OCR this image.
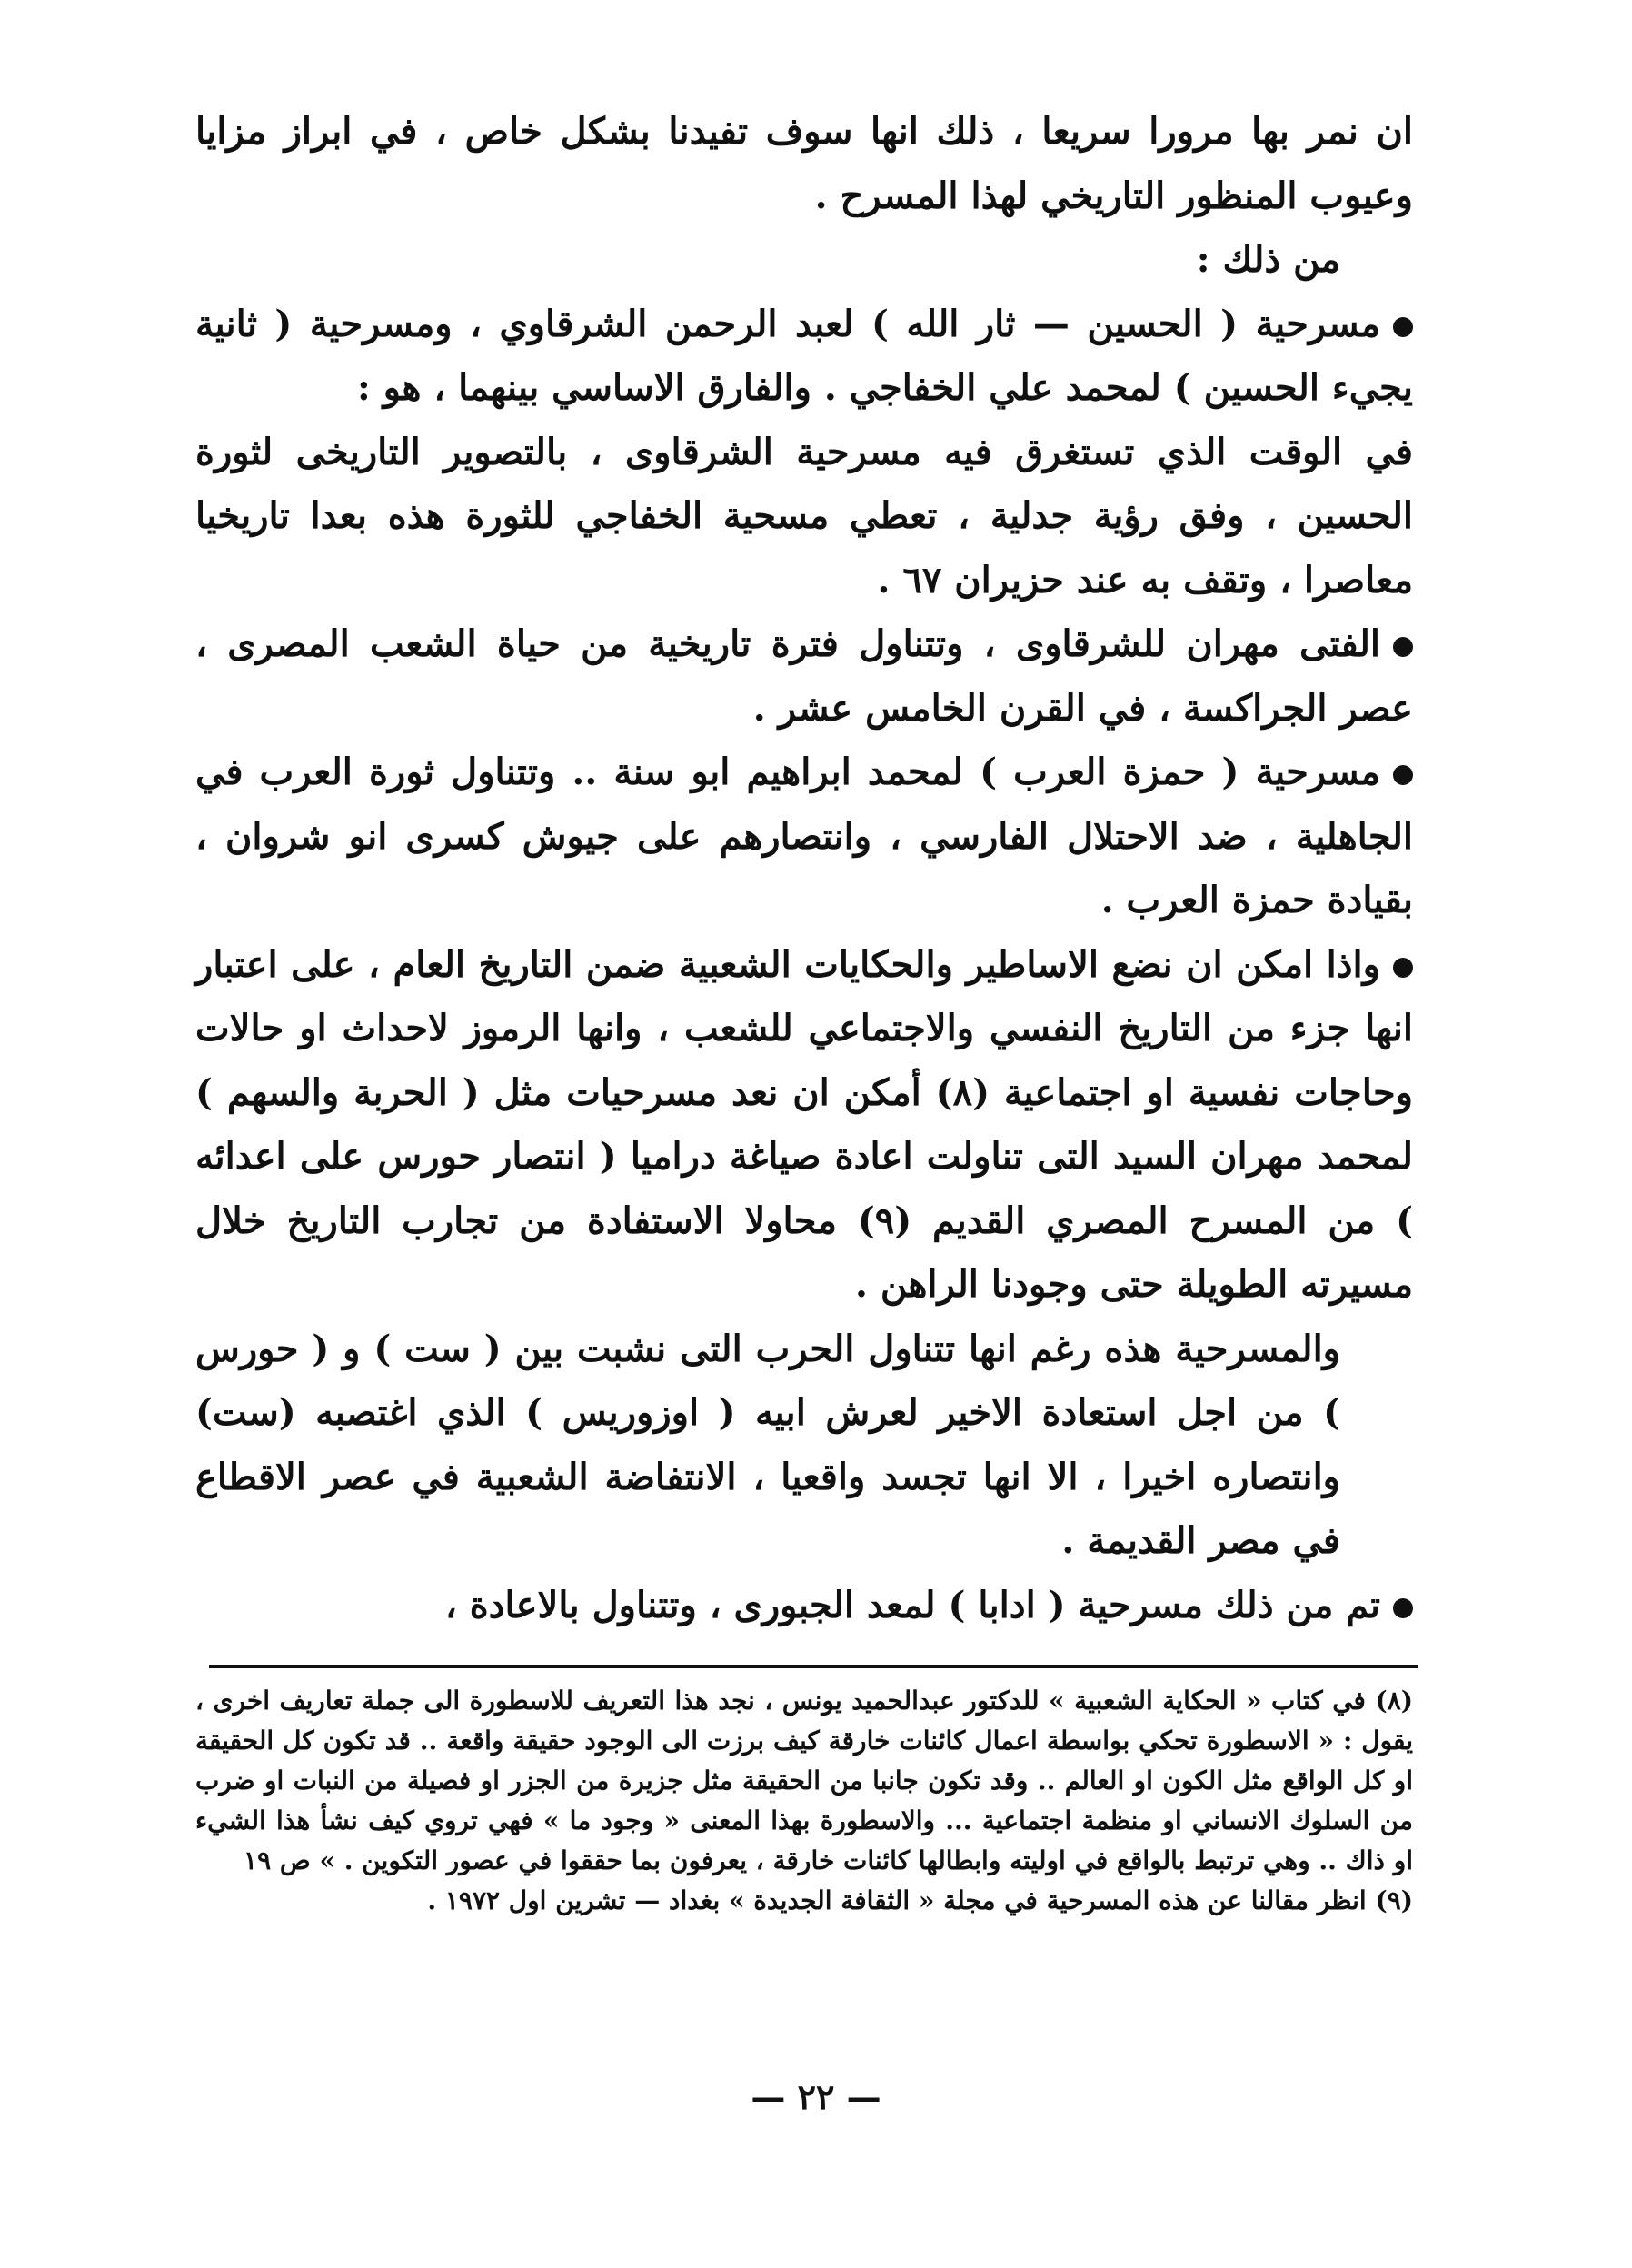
ان نمر بها مرورا سريعا ، ذلك انها سوف تفيدنا بشكل خاص ، في ابراز مزايا وعيوب المنظور التاريخي لهذا المسرح .

من ذلك :

مسرحية ( الحسين — ثار الله ) لعبد الرحمن الشرقاوي ، ومسرحية ( ثانية يجيء الحسين ) لمحمد علي الخفاجي . والفارق الاساسي بينهما ، هو :

في الوقت الذي تستغرق فيه مسرحية الشرقاوى ، بالتصوير التاريخى لثورة الحسين ، وفق رؤية جدلية ، تعطي مسحية الخفاجي للثورة هذه بعدا تاريخيا معاصرا ، وتقف به عند حزيران ٦٧ .

الفتى مهران للشرقاوى ، وتتناول فترة تاريخية من حياة الشعب المصرى ، عصر الجراكسة ، في القرن الخامس عشر .

مسرحية ( حمزة العرب ) لمحمد ابراهيم ابو سنة .. وتتناول ثورة العرب في الجاهلية ، ضد الاحتلال الفارسي ، وانتصارهم على جيوش كسرى انو شروان ، بقيادة حمزة العرب .

واذا امكن ان نضع الاساطير والحكايات الشعبية ضمن التاريخ العام ، على اعتبار انها جزء من التاريخ النفسي والاجتماعي للشعب ، وانها الرموز لاحداث او حالات وحاجات نفسية او اجتماعية (٨) أمكن ان نعد مسرحيات مثل ( الحربة والسهم ) لمحمد مهران السيد التى تناولت اعادة صياغة دراميا ( انتصار حورس على اعدائه ) من المسرح المصري القديم (٩) محاولا الاستفادة من تجارب التاريخ خلال مسيرته الطويلة حتى وجودنا الراهن .

والمسرحية هذه رغم انها تتناول الحرب التى نشبت بين ( ست ) و ( حورس ) من اجل استعادة الاخير لعرش ابيه ( اوزوريس ) الذي اغتصبه (ست) وانتصاره اخيرا ، الا انها تجسد واقعيا ، الانتفاضة الشعبية في عصر الاقطاع في مصر القديمة .

تم من ذلك مسرحية ( ادابا ) لمعد الجبورى ، وتتناول بالاعادة ،

(٨) في كتاب « الحكاية الشعبية » للدكتور عبدالحميد يونس ، نجد هذا التعريف للاسطورة الى جملة تعاريف اخرى ، يقول : « الاسطورة تحكي بواسطة اعمال كائنات خارقة كيف برزت الى الوجود حقيقة واقعة .. قد تكون كل الحقيقة او كل الواقع مثل الكون او العالم .. وقد تكون جانبا من الحقيقة مثل جزيرة من الجزر او فصيلة من النبات او ضرب من السلوك الانساني او منظمة اجتماعية ... والاسطورة بهذا المعنى « وجود ما » فهي تروي كيف نشأ هذا الشيء او ذاك .. وهي ترتبط بالواقع في اوليته وابطالها كائنات خارقة ، يعرفون بما حققوا في عصور التكوين . » ص ١٩

(٩) انظر مقالنا عن هذه المسرحية في مجلة « الثقافة الجديدة » بغداد — تشرين اول ١٩٧٢ .

— ٢٢ —
